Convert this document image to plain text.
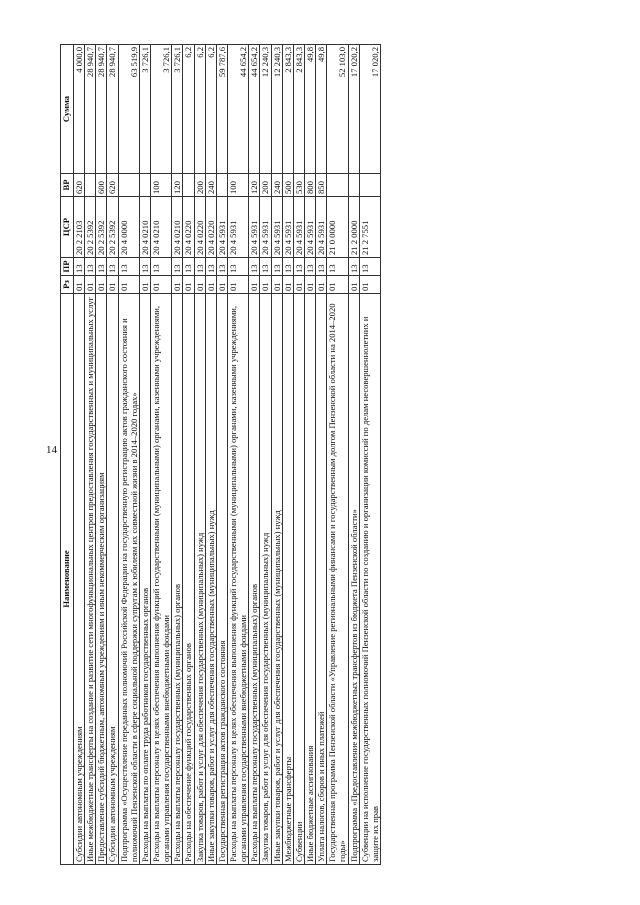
14
Наименование	Рз	ПР	ЦСР	ВР	Сумма
Субсидии автономным учреждениям	01	13	20 2 2103	620	4 000,0
Иные межбюджетные трансферты на создание и развитие сети многофункциональных центров предоставления государственных и муниципальных услуг	01	13	20 2 5392		28 940,7
Предоставление субсидий бюджетным, автономным учреждениям и иным некоммерческим организациям	01	13	20 2 5392	600	28 940,7
Субсидии автономным учреждениям	01	13	20 2 5392	620	28 940,7
Подпрограмма «Осуществление переданных полномочий Российской Федерации на государственную регистрацию актов гражданского состояния и полномочий Пензенской области в сфере социальной поддержки супругам к юбилеям их совместной жизни в 2014–2020 годах»	01	13	20 4 0000		63 519,9
Расходы на выплаты по оплате труда работников государственных органов	01	13	20 4 0210		3 726,1
Расходы на выплаты персоналу в целях обеспечения выполнения функций государственными (муниципальными) органами, казенными учреждениями, органами управления государственными внебюджетными фондами	01	13	20 4 0210	100	3 726,1
Расходы на выплаты персоналу государственных (муниципальных) органов	01	13	20 4 0210	120	3 726,1
Расходы на обеспечение функций государственных органов	01	13	20 4 0220		6,2
Закупка товаров, работ и услуг для обеспечения государственных (муниципальных) нужд	01	13	20 4 0220	200	6,2
Иные закупки товаров, работ и услуг для обеспечения государственных (муниципальных) нужд	01	13	20 4 0220	240	6,2
Государственная регистрация актов гражданского состояния	01	13	20 4 5931		59 787,6
Расходы на выплаты персоналу в целях обеспечения выполнения функций государственными (муниципальными) органами, казенными учреждениями, органами управления государственными внебюджетными фондами	01	13	20 4 5931	100	44 654,2
Расходы на выплаты персоналу государственных (муниципальных) органов	01	13	20 4 5931	120	44 654,2
Закупка товаров, работ и услуг для обеспечения государственных (муниципальных) нужд	01	13	20 4 5931	200	12 240,3
Иные закупки товаров, работ и услуг для обеспечения государственных (муниципальных) нужд	01	13	20 4 5931	240	12 240,3
Межбюджетные трансферты	01	13	20 4 5931	500	2 843,3
Субвенции	01	13	20 4 5931	530	2 843,3
Иные бюджетные ассигнования	01	13	20 4 5931	800	49,8
Уплата налогов, сборов и иных платежей	01	13	20 4 5931	850	49,8
Государственная программа Пензенской области «Управление региональными финансами и государственным долгом Пензенской области на 2014–2020 годы»	01	13	21 0 0000		52 103,0
Подпрограмма «Предоставление межбюджетных трансфертов из бюджета Пензенской области»	01	13	21 2 0000		17 020,2
Субвенции на исполнение государственных полномочий Пензенской области по созданию и организации комиссий по делам несовершеннолетних и защите их прав	01	13	21 2 7551		17 020,2
